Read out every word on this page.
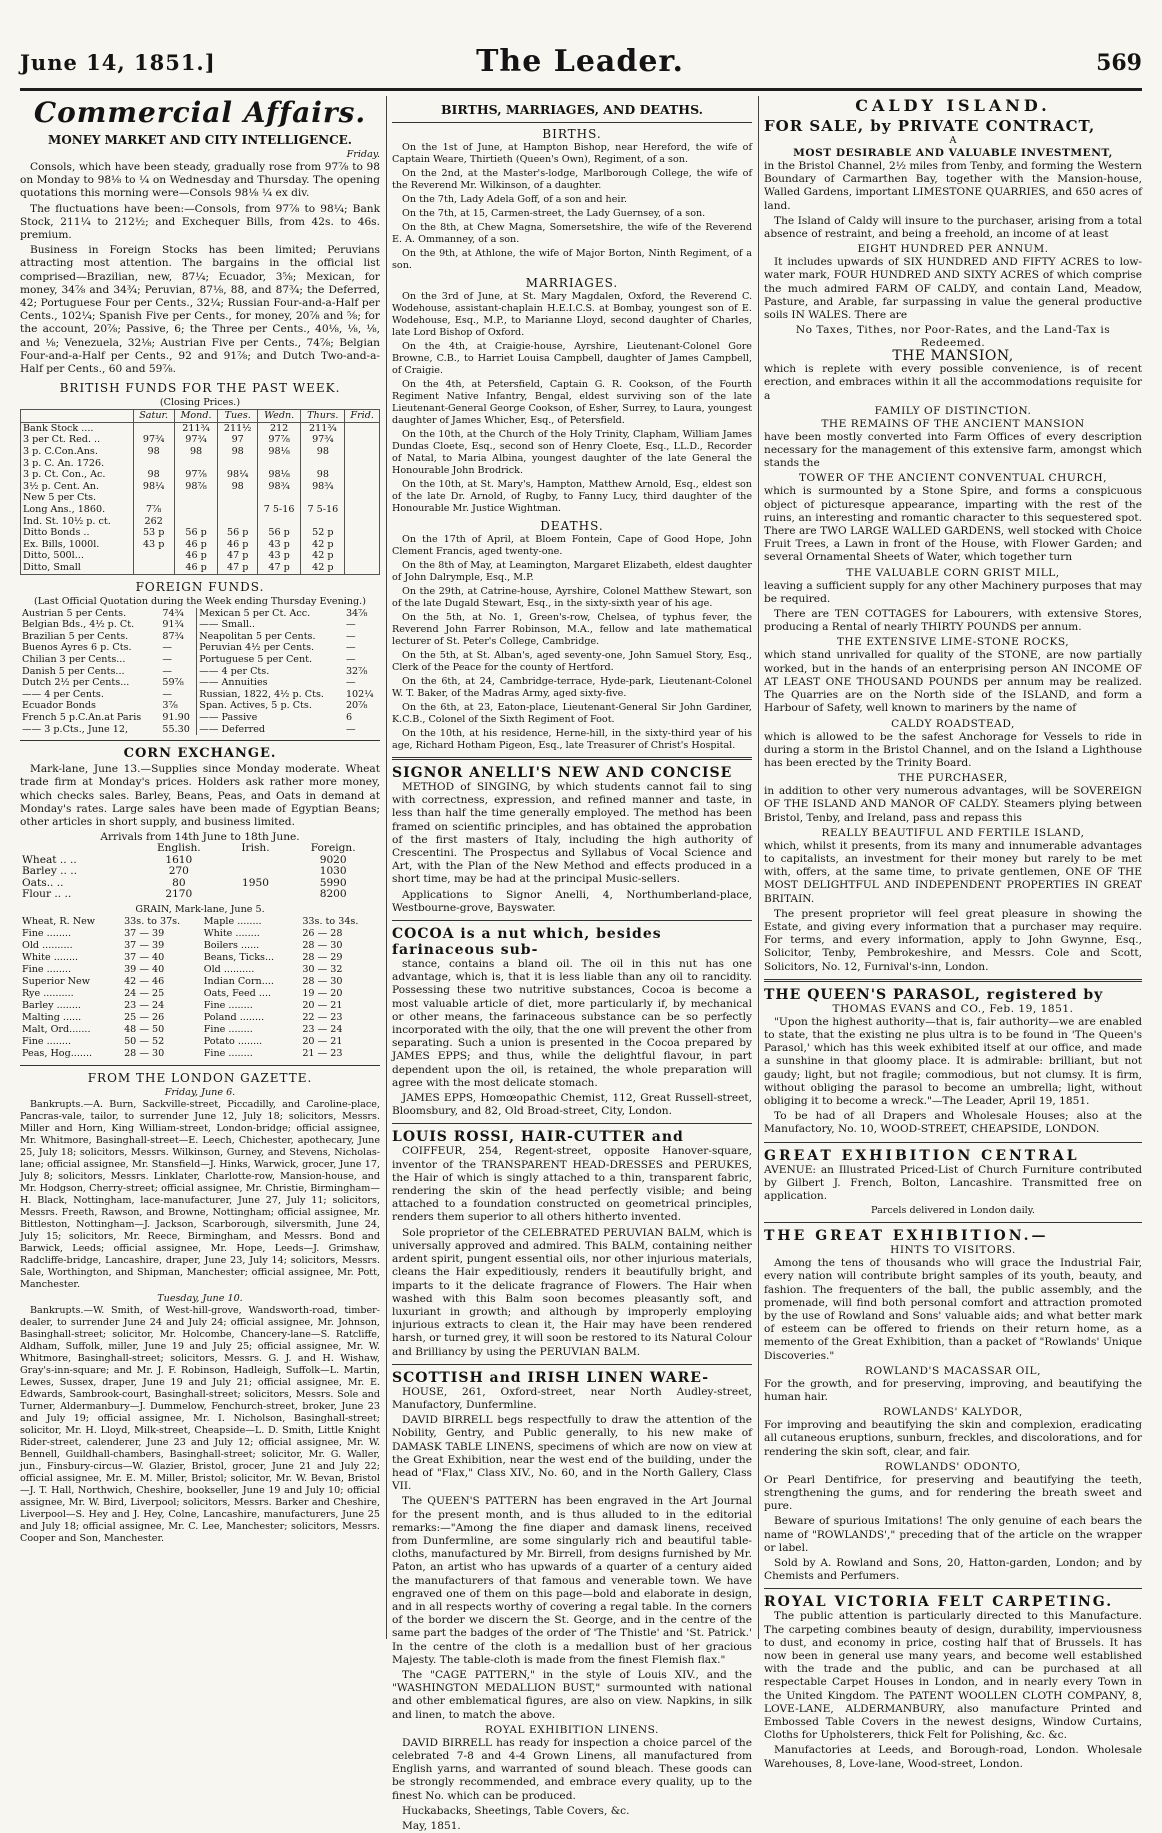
June 14, 1851.]	The Leader.	569
Commercial Affairs.
MONEY MARKET AND CITY INTELLIGENCE.
Friday.

Consols, which have been steady, gradually rose from 97⅞ to 98 on Monday to 98⅛ to ¼ on Wednesday and Thursday. The opening quotations this morning were—Consols 98⅛ ¼ ex div.

The fluctuations have been:—Consols, from 97⅞ to 98¼; Bank Stock, 211¼ to 212½; and Exchequer Bills, from 42s. to 46s. premium.

Business in Foreign Stocks has been limited; Peruvians attracting most attention. The bargains in the official list comprised—Brazilian, new, 87¼; Ecuador, 3⅝; Mexican, for money, 34⅞ and 34¾; Peruvian, 87⅛, 88, and 87¾; the Deferred, 42; Portuguese Four per Cents., 32¼; Russian Four-and-a-Half per Cents., 102¼; Spanish Five per Cents., for money, 20⅞ and ⅝; for the account, 20⅞; Passive, 6; the Three per Cents., 40⅛, ⅛, ⅛, and ⅛; Venezuela, 32⅛; Austrian Five per Cents., 74⅞; Belgian Four-and-a-Half per Cents., 92 and 91⅞; and Dutch Two-and-a-Half per Cents., 60 and 59⅞.

BRITISH FUNDS FOR THE PAST WEEK.
(Closing Prices.)
	Satur.	Mond.	Tues.	Wedn.	Thurs.	Frid.
Bank Stock ....		211¾	211½	212	211¾	
3 per Ct. Red. ..	97¾	97¾	97	97⅞	97¾	
3 p. C.Con.Ans.	98	98	98	98⅛	98	
3 p. C. An. 1726.						
3 p. Ct. Con., Ac.	98	97⅞	98¼	98⅛	98	
3½ p. Cent. An.	98¼	98⅞	98	98¾	98¾	
New 5 per Cts.						
Long Ans., 1860.	7⅞			7 5-16	7 5-16	
Ind. St. 10½ p. ct.	262					
Ditto Bonds ..	53 p	56 p	56 p	56 p	52 p	
Ex. Bills, 1000l.	43 p	46 p	46 p	43 p	42 p	
Ditto, 500l...		46 p	47 p	43 p	42 p	
Ditto, Small		46 p	47 p	47 p	42 p	
FOREIGN FUNDS.
(Last Official Quotation during the Week ending Thursday Evening.)
Austrian 5 per Cents.	74¾	Mexican 5 per Ct. Acc.	34⅞
Belgian Bds., 4½ p. Ct.	91¾	—— Small..	—
Brazilian 5 per Cents.	87¾	Neapolitan 5 per Cents.	—
Buenos Ayres 6 p. Cts.	—	Peruvian 4½ per Cents.	—
Chilian 3 per Cents...	—	Portuguese 5 per Cent.	—
Danish 5 per Cents...	—	—— 4 per Cts.	32⅞
Dutch 2½ per Cents...	59⅞	—— Annuities	—
—— 4 per Cents.	—	Russian, 1822, 4½ p. Cts.	102¼
Ecuador Bonds	3⅞	Span. Actives, 5 p. Cts.	20⅞
French 5 p.C.An.at Paris	91.90	—— Passive	6
—— 3 p.Cts., June 12,	55.30	—— Deferred	—
CORN EXCHANGE.

Mark-lane, June 13.—Supplies since Monday moderate. Wheat trade firm at Monday's prices. Holders ask rather more money, which checks sales. Barley, Beans, Peas, and Oats in demand at Monday's rates. Large sales have been made of Egyptian Beans; other articles in short supply, and business limited.

Arrivals from 14th June to 18th June.
	English.	Irish.	Foreign.
Wheat .. ..	1610		9020
Barley .. ..	270		1030
Oats.. ..	80	1950	5990
Flour .. ..	2170		8200
GRAIN, Mark-lane, June 5.
Wheat, R. New	33s. to 37s.	Maple ........	33s. to 34s.
Fine ........	37 — 39	White ........	26 — 28
Old ..........	37 — 39	Boilers ......	28 — 30
White ........	37 — 40	Beans, Ticks...	28 — 29
Fine ........	39 — 40	Old ..........	30 — 32
Superior New	42 — 46	Indian Corn....	28 — 30
Rye ..........	24 — 25	Oats, Feed ....	19 — 20
Barley ........	23 — 24	Fine ........	20 — 21
Malting ......	25 — 26	Poland ........	22 — 23
Malt, Ord.......	48 — 50	Fine ........	23 — 24
Fine ........	50 — 52	Potato ........	20 — 21
Peas, Hog.......	28 — 30	Fine ........	21 — 23
FROM THE LONDON GAZETTE.
Friday, June 6.

Bankrupts.—A. Burn, Sackville-street, Piccadilly, and Caroline-place, Pancras-vale, tailor, to surrender June 12, July 18; solicitors, Messrs. Miller and Horn, King William-street, London-bridge; official assignee, Mr. Whitmore, Basinghall-street—E. Leech, Chichester, apothecary, June 25, July 18; solicitors, Messrs. Wilkinson, Gurney, and Stevens, Nicholas-lane; official assignee, Mr. Stansfield—J. Hinks, Warwick, grocer, June 17, July 8; solicitors, Messrs. Linklater, Charlotte-row, Mansion-house, and Mr. Hodgson, Cherry-street; official assignee, Mr. Christie, Birmingham—H. Black, Nottingham, lace-manufacturer, June 27, July 11; solicitors, Messrs. Freeth, Rawson, and Browne, Nottingham; official assignee, Mr. Bittleston, Nottingham—J. Jackson, Scarborough, silversmith, June 24, July 15; solicitors, Mr. Reece, Birmingham, and Messrs. Bond and Barwick, Leeds; official assignee, Mr. Hope, Leeds—J. Grimshaw, Radcliffe-bridge, Lancashire, draper, June 23, July 14; solicitors, Messrs. Sale, Worthington, and Shipman, Manchester; official assignee, Mr. Pott, Manchester.

Tuesday, June 10.

Bankrupts.—W. Smith, of West-hill-grove, Wandsworth-road, timber-dealer, to surrender June 24 and July 24; official assignee, Mr. Johnson, Basinghall-street; solicitor, Mr. Holcombe, Chancery-lane—S. Ratcliffe, Aldham, Suffolk, miller, June 19 and July 25; official assignee, Mr. W. Whitmore, Basinghall-street; solicitors, Messrs. G. J. and H. Wishaw, Gray's-inn-square; and Mr. J. F. Robinson, Hadleigh, Suffolk—L. Martin, Lewes, Sussex, draper, June 19 and July 21; official assignee, Mr. E. Edwards, Sambrook-court, Basinghall-street; solicitors, Messrs. Sole and Turner, Aldermanbury—J. Dummelow, Fenchurch-street, broker, June 23 and July 19; official assignee, Mr. I. Nicholson, Basinghall-street; solicitor, Mr. H. Lloyd, Milk-street, Cheapside—L. D. Smith, Little Knight Rider-street, calenderer, June 23 and July 12; official assignee, Mr. W. Bennell, Guildhall-chambers, Basinghall-street; solicitor, Mr. G. Waller, jun., Finsbury-circus—W. Glazier, Bristol, grocer, June 21 and July 22; official assignee, Mr. E. M. Miller, Bristol; solicitor, Mr. W. Bevan, Bristol—J. T. Hall, Northwich, Cheshire, bookseller, June 19 and July 10; official assignee, Mr. W. Bird, Liverpool; solicitors, Messrs. Barker and Cheshire, Liverpool—S. Hey and J. Hey, Colne, Lancashire, manufacturers, June 25 and July 18; official assignee, Mr. C. Lee, Manchester; solicitors, Messrs. Cooper and Son, Manchester.

BIRTHS, MARRIAGES, AND DEATHS.
BIRTHS.

On the 1st of June, at Hampton Bishop, near Hereford, the wife of Captain Weare, Thirtieth (Queen's Own), Regiment, of a son.

On the 2nd, at the Master's-lodge, Marlborough College, the wife of the Reverend Mr. Wilkinson, of a daughter.

On the 7th, Lady Adela Goff, of a son and heir.

On the 7th, at 15, Carmen-street, the Lady Guernsey, of a son.

On the 8th, at Chew Magna, Somersetshire, the wife of the Reverend E. A. Ommanney, of a son.

On the 9th, at Athlone, the wife of Major Borton, Ninth Regiment, of a son.

MARRIAGES.

On the 3rd of June, at St. Mary Magdalen, Oxford, the Reverend C. Wodehouse, assistant-chaplain H.E.I.C.S. at Bombay, youngest son of E. Wodehouse, Esq., M.P., to Marianne Lloyd, second daughter of Charles, late Lord Bishop of Oxford.

On the 4th, at Craigie-house, Ayrshire, Lieutenant-Colonel Gore Browne, C.B., to Harriet Louisa Campbell, daughter of James Campbell, of Craigie.

On the 4th, at Petersfield, Captain G. R. Cookson, of the Fourth Regiment Native Infantry, Bengal, eldest surviving son of the late Lieutenant-General George Cookson, of Esher, Surrey, to Laura, youngest daughter of James Whicher, Esq., of Petersfield.

On the 10th, at the Church of the Holy Trinity, Clapham, William James Dundas Cloete, Esq., second son of Henry Cloete, Esq., LL.D., Recorder of Natal, to Maria Albina, youngest daughter of the late General the Honourable John Brodrick.

On the 10th, at St. Mary's, Hampton, Matthew Arnold, Esq., eldest son of the late Dr. Arnold, of Rugby, to Fanny Lucy, third daughter of the Honourable Mr. Justice Wightman.

DEATHS.

On the 17th of April, at Bloem Fontein, Cape of Good Hope, John Clement Francis, aged twenty-one.

On the 8th of May, at Leamington, Margaret Elizabeth, eldest daughter of John Dalrymple, Esq., M.P.

On the 29th, at Catrine-house, Ayrshire, Colonel Matthew Stewart, son of the late Dugald Stewart, Esq., in the sixty-sixth year of his age.

On the 5th, at No. 1, Green's-row, Chelsea, of typhus fever, the Reverend John Farrer Robinson, M.A., fellow and late mathematical lecturer of St. Peter's College, Cambridge.

On the 5th, at St. Alban's, aged seventy-one, John Samuel Story, Esq., Clerk of the Peace for the county of Hertford.

On the 6th, at 24, Cambridge-terrace, Hyde-park, Lieutenant-Colonel W. T. Baker, of the Madras Army, aged sixty-five.

On the 6th, at 23, Eaton-place, Lieutenant-General Sir John Gardiner, K.C.B., Colonel of the Sixth Regiment of Foot.

On the 10th, at his residence, Herne-hill, in the sixty-third year of his age, Richard Hotham Pigeon, Esq., late Treasurer of Christ's Hospital.

SIGNOR ANELLI'S NEW AND CONCISE

METHOD of SINGING, by which students cannot fail to sing with correctness, expression, and refined manner and taste, in less than half the time generally employed. The method has been framed on scientific principles, and has obtained the approbation of the first masters of Italy, including the high authority of Crescentini. The Prospectus and Syllabus of Vocal Science and Art, with the Plan of the New Method and effects produced in a short time, may be had at the principal Music-sellers.

Applications to Signor Anelli, 4, Northumberland-place, Westbourne-grove, Bayswater.

COCOA is a nut which, besides farinaceous sub-

stance, contains a bland oil. The oil in this nut has one advantage, which is, that it is less liable than any oil to rancidity. Possessing these two nutritive substances, Cocoa is become a most valuable article of diet, more particularly if, by mechanical or other means, the farinaceous substance can be so perfectly incorporated with the oily, that the one will prevent the other from separating. Such a union is presented in the Cocoa prepared by JAMES EPPS; and thus, while the delightful flavour, in part dependent upon the oil, is retained, the whole preparation will agree with the most delicate stomach.

JAMES EPPS, Homœopathic Chemist, 112, Great Russell-street, Bloomsbury, and 82, Old Broad-street, City, London.

LOUIS ROSSI, HAIR-CUTTER and

COIFFEUR, 254, Regent-street, opposite Hanover-square, inventor of the TRANSPARENT HEAD-DRESSES and PERUKES, the Hair of which is singly attached to a thin, transparent fabric, rendering the skin of the head perfectly visible; and being attached to a foundation constructed on geometrical principles, renders them superior to all others hitherto invented.

Sole proprietor of the CELEBRATED PERUVIAN BALM, which is universally approved and admired. This BALM, containing neither ardent spirit, pungent essential oils, nor other injurious materials, cleans the Hair expeditiously, renders it beautifully bright, and imparts to it the delicate fragrance of Flowers. The Hair when washed with this Balm soon becomes pleasantly soft, and luxuriant in growth; and although by improperly employing injurious extracts to clean it, the Hair may have been rendered harsh, or turned grey, it will soon be restored to its Natural Colour and Brilliancy by using the PERUVIAN BALM.

SCOTTISH and IRISH LINEN WARE-

HOUSE, 261, Oxford-street, near North Audley-street, Manufactory, Dunfermline.

DAVID BIRRELL begs respectfully to draw the attention of the Nobility, Gentry, and Public generally, to his new make of DAMASK TABLE LINENS, specimens of which are now on view at the Great Exhibition, near the west end of the building, under the head of "Flax," Class XIV., No. 60, and in the North Gallery, Class VII.

The QUEEN'S PATTERN has been engraved in the Art Journal for the present month, and is thus alluded to in the editorial remarks:—"Among the fine diaper and damask linens, received from Dunfermline, are some singularly rich and beautiful table-cloths, manufactured by Mr. Birrell, from designs furnished by Mr. Paton, an artist who has upwards of a quarter of a century aided the manufacturers of that famous and venerable town. We have engraved one of them on this page—bold and elaborate in design, and in all respects worthy of covering a regal table. In the corners of the border we discern the St. George, and in the centre of the same part the badges of the order of 'The Thistle' and 'St. Patrick.' In the centre of the cloth is a medallion bust of her gracious Majesty. The table-cloth is made from the finest Flemish flax."

The "CAGE PATTERN," in the style of Louis XIV., and the "WASHINGTON MEDALLION BUST," surmounted with national and other emblematical figures, are also on view. Napkins, in silk and linen, to match the above.

ROYAL EXHIBITION LINENS.

DAVID BIRRELL has ready for inspection a choice parcel of the celebrated 7-8 and 4-4 Grown Linens, all manufactured from English yarns, and warranted of sound bleach. These goods can be strongly recommended, and embrace every quality, up to the finest No. which can be produced.

Huckabacks, Sheetings, Table Covers, &c.

May, 1851.

CALDY ISLAND.
FOR SALE, by PRIVATE CONTRACT,
A
MOST DESIRABLE AND VALUABLE INVESTMENT,

in the Bristol Channel, 2½ miles from Tenby, and forming the Western Boundary of Carmarthen Bay, together with the Mansion-house, Walled Gardens, important LIMESTONE QUARRIES, and 650 acres of land.

The Island of Caldy will insure to the purchaser, arising from a total absence of restraint, and being a freehold, an income of at least

EIGHT HUNDRED PER ANNUM.

It includes upwards of SIX HUNDRED AND FIFTY ACRES to low-water mark, FOUR HUNDRED AND SIXTY ACRES of which comprise the much admired FARM OF CALDY, and contain Land, Meadow, Pasture, and Arable, far surpassing in value the general productive soils IN WALES. There are

No Taxes, Tithes, nor Poor-Rates, and the Land-Tax is Redeemed.
THE MANSION,

which is replete with every possible convenience, is of recent erection, and embraces within it all the accommodations requisite for a

FAMILY OF DISTINCTION.
THE REMAINS OF THE ANCIENT MANSION

have been mostly converted into Farm Offices of every description necessary for the management of this extensive farm, amongst which stands the

TOWER OF THE ANCIENT CONVENTUAL CHURCH,

which is surmounted by a Stone Spire, and forms a conspicuous object of picturesque appearance, imparting with the rest of the ruins, an interesting and romantic character to this sequestered spot. There are TWO LARGE WALLED GARDENS, well stocked with Choice Fruit Trees, a Lawn in front of the House, with Flower Garden; and several Ornamental Sheets of Water, which together turn

THE VALUABLE CORN GRIST MILL,

leaving a sufficient supply for any other Machinery purposes that may be required.

There are TEN COTTAGES for Labourers, with extensive Stores, producing a Rental of nearly THIRTY POUNDS per annum.

THE EXTENSIVE LIME-STONE ROCKS,

which stand unrivalled for quality of the STONE, are now partially worked, but in the hands of an enterprising person AN INCOME OF AT LEAST ONE THOUSAND POUNDS per annum may be realized. The Quarries are on the North side of the ISLAND, and form a Harbour of Safety, well known to mariners by the name of

CALDY ROADSTEAD,

which is allowed to be the safest Anchorage for Vessels to ride in during a storm in the Bristol Channel, and on the Island a Lighthouse has been erected by the Trinity Board.

THE PURCHASER,

in addition to other very numerous advantages, will be SOVEREIGN OF THE ISLAND AND MANOR OF CALDY. Steamers plying between Bristol, Tenby, and Ireland, pass and repass this

REALLY BEAUTIFUL AND FERTILE ISLAND,

which, whilst it presents, from its many and innumerable advantages to capitalists, an investment for their money but rarely to be met with, offers, at the same time, to private gentlemen, ONE OF THE MOST DELIGHTFUL AND INDEPENDENT PROPERTIES IN GREAT BRITAIN.

The present proprietor will feel great pleasure in showing the Estate, and giving every information that a purchaser may require. For terms, and every information, apply to John Gwynne, Esq., Solicitor, Tenby, Pembrokeshire, and Messrs. Cole and Scott, Solicitors, No. 12, Furnival's-inn, London.

THE QUEEN'S PARASOL, registered by
THOMAS EVANS and CO., Feb. 19, 1851.

"Upon the highest authority—that is, fair authority—we are enabled to state, that the existing ne plus ultra is to be found in 'The Queen's Parasol,' which has this week exhibited itself at our office, and made a sunshine in that gloomy place. It is admirable: brilliant, but not gaudy; light, but not fragile; commodious, but not clumsy. It is firm, without obliging the parasol to become an umbrella; light, without obliging it to become a wreck."—The Leader, April 19, 1851.

To be had of all Drapers and Wholesale Houses; also at the Manufactory, No. 10, WOOD-STREET, CHEAPSIDE, LONDON.

GREAT EXHIBITION CENTRAL

AVENUE: an Illustrated Priced-List of Church Furniture contributed by Gilbert J. French, Bolton, Lancashire. Transmitted free on application.

Parcels delivered in London daily.
THE GREAT EXHIBITION.—
HINTS TO VISITORS.

Among the tens of thousands who will grace the Industrial Fair, every nation will contribute bright samples of its youth, beauty, and fashion. The frequenters of the ball, the public assembly, and the promenade, will find both personal comfort and attraction promoted by the use of Rowland and Sons' valuable aids; and what better mark of esteem can be offered to friends on their return home, as a memento of the Great Exhibition, than a packet of "Rowlands' Unique Discoveries."

ROWLAND'S MACASSAR OIL,

For the growth, and for preserving, improving, and beautifying the human hair.

ROWLANDS' KALYDOR,

For improving and beautifying the skin and complexion, eradicating all cutaneous eruptions, sunburn, freckles, and discolorations, and for rendering the skin soft, clear, and fair.

ROWLANDS' ODONTO,

Or Pearl Dentifrice, for preserving and beautifying the teeth, strengthening the gums, and for rendering the breath sweet and pure.

Beware of spurious Imitations! The only genuine of each bears the name of "ROWLANDS'," preceding that of the article on the wrapper or label.

Sold by A. Rowland and Sons, 20, Hatton-garden, London; and by Chemists and Perfumers.

ROYAL VICTORIA FELT CARPETING.

The public attention is particularly directed to this Manufacture. The carpeting combines beauty of design, durability, imperviousness to dust, and economy in price, costing half that of Brussels. It has now been in general use many years, and become well established with the trade and the public, and can be purchased at all respectable Carpet Houses in London, and in nearly every Town in the United Kingdom. The PATENT WOOLLEN CLOTH COMPANY, 8, LOVE-LANE, ALDERMANBURY, also manufacture Printed and Embossed Table Covers in the newest designs, Window Curtains, Cloths for Upholsterers, thick Felt for Polishing, &c. &c.

Manufactories at Leeds, and Borough-road, London. Wholesale Warehouses, 8, Love-lane, Wood-street, London.
